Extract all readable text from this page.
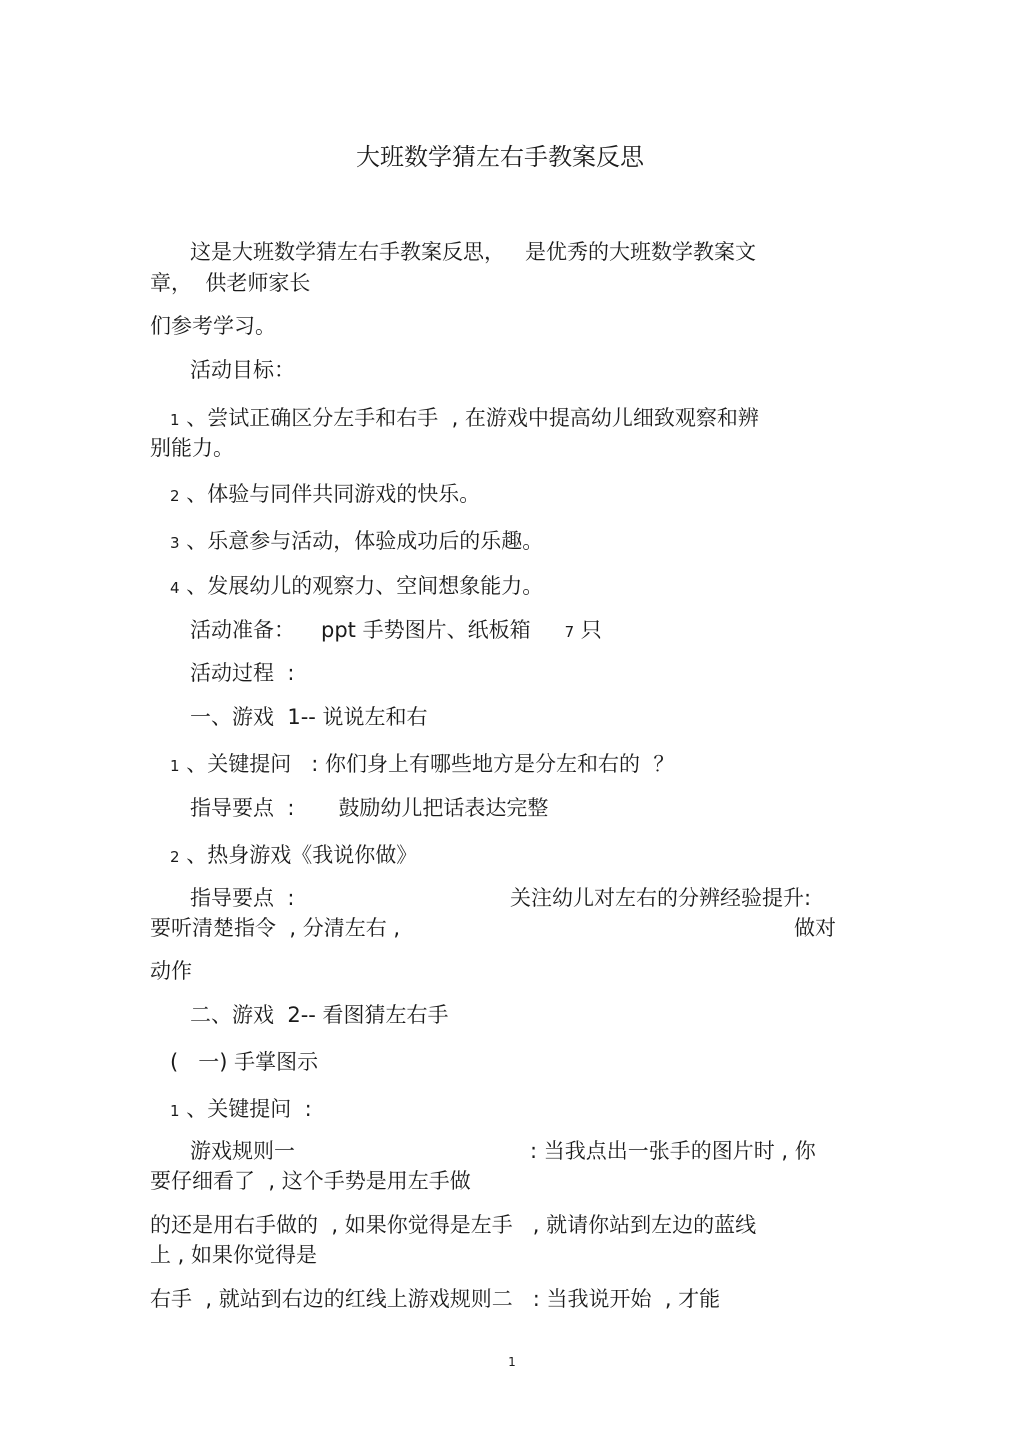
大班数学猜左右手教案反思
这是大班数学猜左右手教案反思，   是优秀的大班数学教案文
章，  供老师家长
们参考学习。
活动目标：
1 、尝试正确区分左手和右手  , 在游戏中提高幼儿细致观察和辨
别能力。
2 、体验与同伴共同游戏的快乐。
3 、乐意参与活动，体验成功后的乐趣。
4 、发展幼儿的观察力、空间想象能力。
活动准备： ppt 手势图片、纸板箱 7 只
活动过程  :
一、游戏  1-- 说说左和右
1 、关键提问   : 你们身上有哪些地方是分左和右的  ？
指导要点  : 鼓励幼儿把话表达完整
2 、热身游戏《我说你做》
指导要点  :	关注幼儿对左右的分辨经验提升:
要听清楚指令  , 分清左右 ,	做对
动作
二、游戏  2-- 看图猜左右手
(   一) 手掌图示
1 、关键提问  :
游戏规则一	: 当我点出一张手的图片时 , 你
要仔细看了  , 这个手势是用左手做
的还是用右手做的  , 如果你觉得是左手   , 就请你站到左边的蓝线
上 , 如果你觉得是
右手  , 就站到右边的红线上游戏规则二   : 当我说开始  , 才能
1
